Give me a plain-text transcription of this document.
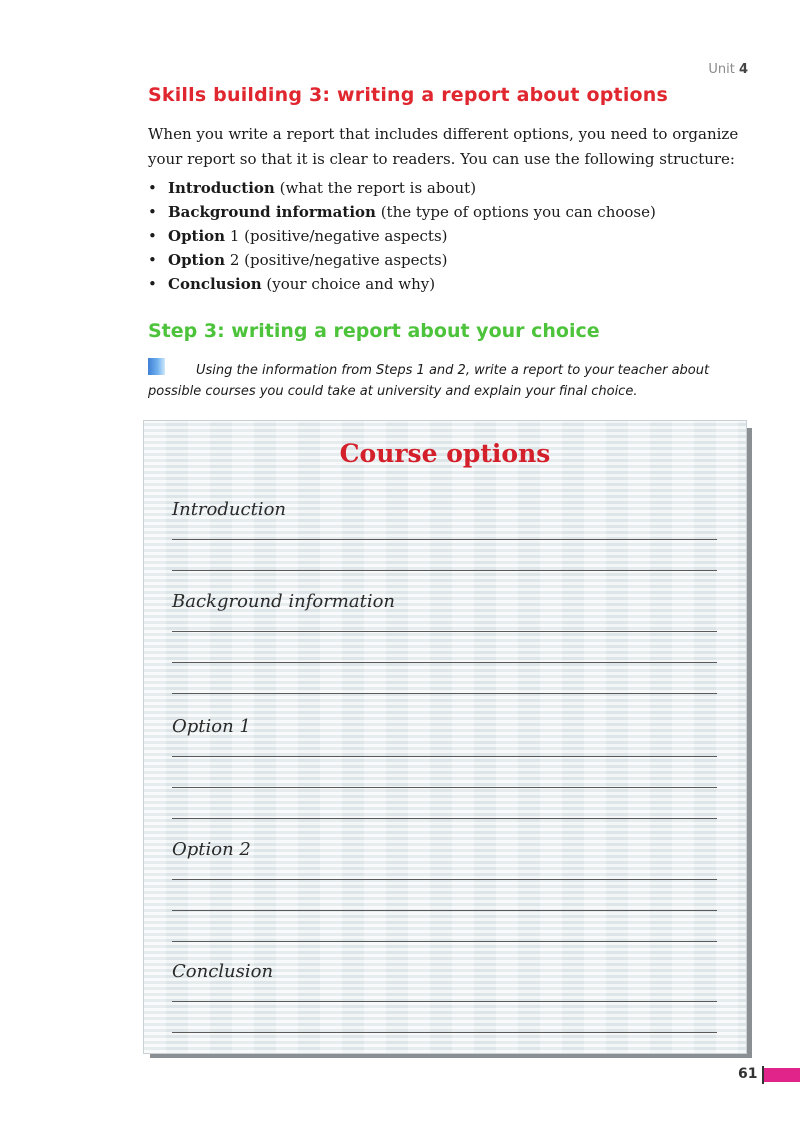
Unit 4
Skills building 3: writing a report about options
When you write a report that includes different options, you need to organize your report so that it is clear to readers. You can use the following structure:
• Introduction (what the report is about)
• Background information (the type of options you can choose)
• Option 1 (positive/negative aspects)
• Option 2 (positive/negative aspects)
• Conclusion (your choice and why)
Step 3: writing a report about your choice
Using the information from Steps 1 and 2, write a report to your teacher about possible courses you could take at university and explain your final choice.
Course options
Introduction
Background information
Option 1
Option 2
Conclusion
61
